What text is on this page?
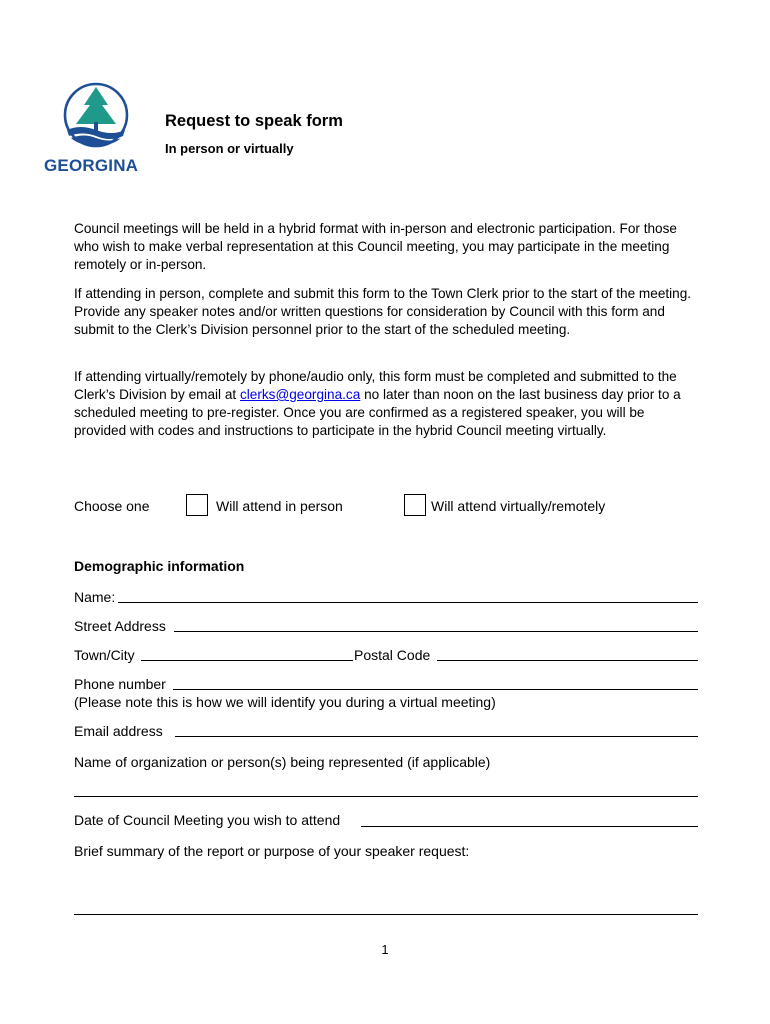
GEORGINA
Request to speak form
In person or virtually
Council meetings will be held in a hybrid format with in-person and electronic participation. For those who wish to make verbal representation at this Council meeting, you may participate in the meeting remotely or in-person.
If attending in person, complete and submit this form to the Town Clerk prior to the start of the meeting. Provide any speaker notes and/or written questions for consideration by Council with this form and submit to the Clerk’s Division personnel prior to the start of the scheduled meeting.
If attending virtually/remotely by phone/audio only, this form must be completed and submitted to the Clerk’s Division by email at clerks@georgina.ca no later than noon on the last business day prior to a scheduled meeting to pre-register. Once you are confirmed as a registered speaker, you will be provided with codes and instructions to participate in the hybrid Council meeting virtually.
Choose one	Will attend in person	Will attend virtually/remotely
Demographic information
Name:
Street Address
Town/City	Postal Code
Phone number
(Please note this is how we will identify you during a virtual meeting)
Email address
Name of organization or person(s) being represented (if applicable)
Date of Council Meeting you wish to attend
Brief summary of the report or purpose of your speaker request:
1
